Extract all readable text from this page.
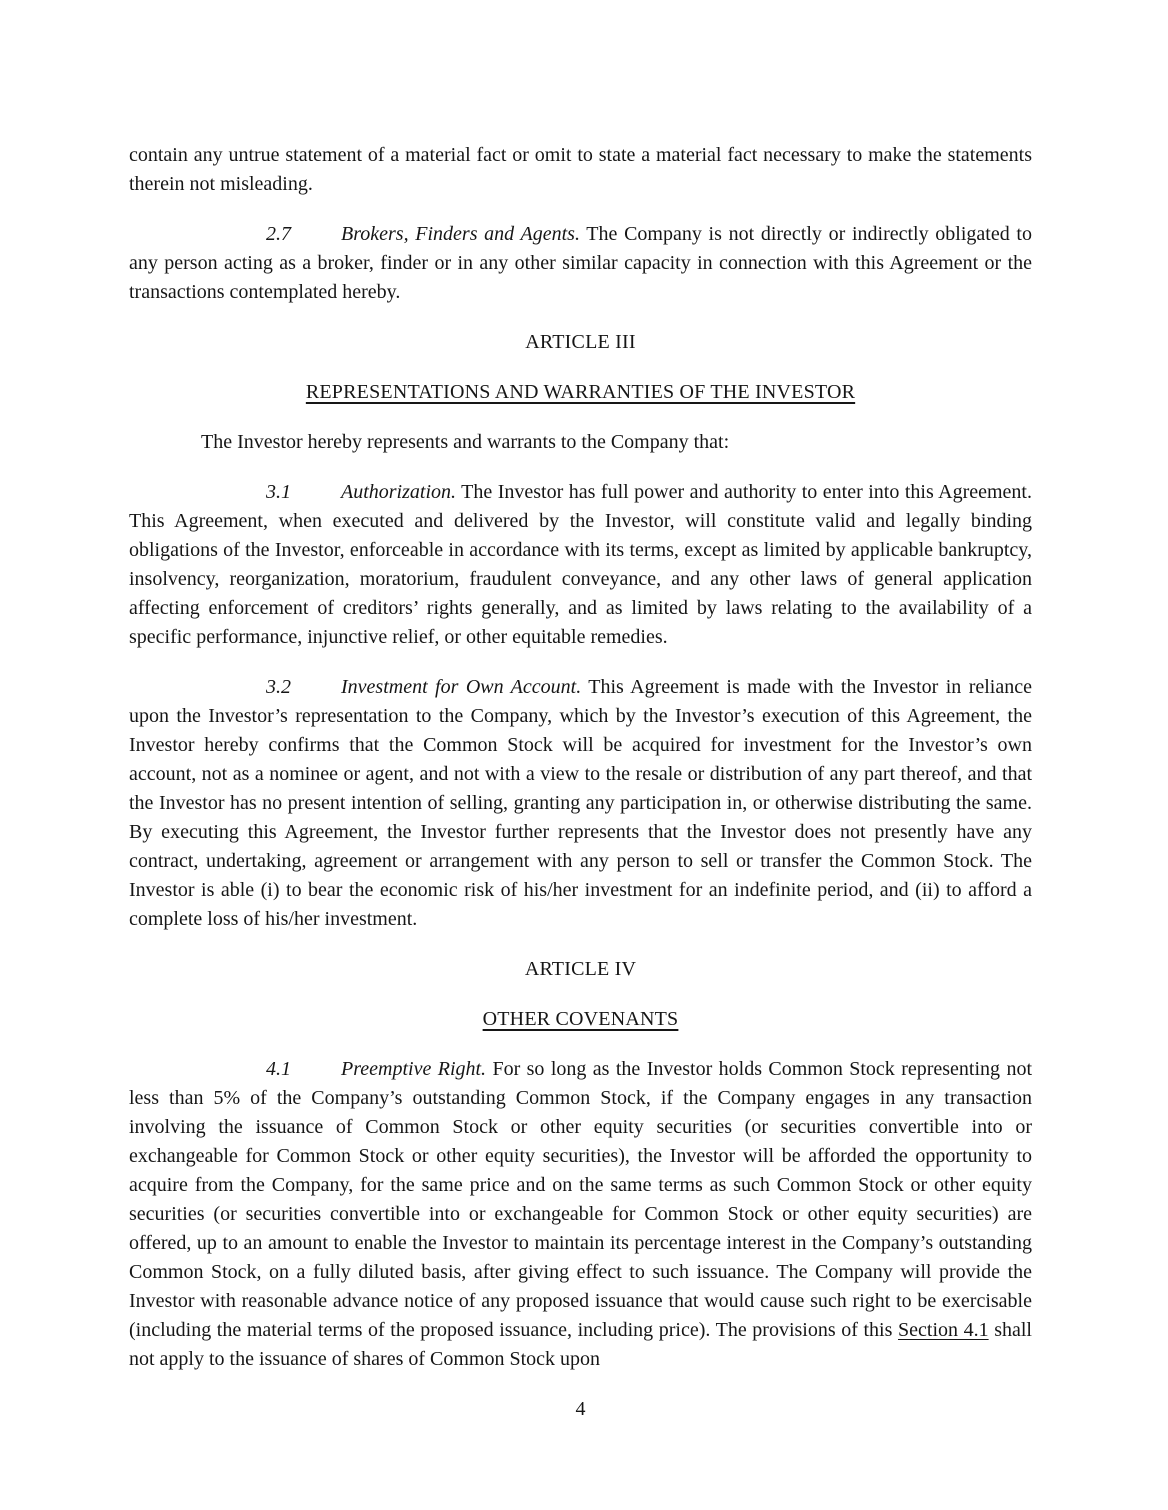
contain any untrue statement of a material fact or omit to state a material fact necessary to make the statements therein not misleading.

2.7	Brokers, Finders and Agents. The Company is not directly or indirectly obligated to any person acting as a broker, finder or in any other similar capacity in connection with this Agreement or the transactions contemplated hereby.

ARTICLE III
REPRESENTATIONS AND WARRANTIES OF THE INVESTOR

The Investor hereby represents and warrants to the Company that:

3.1	Authorization. The Investor has full power and authority to enter into this Agreement. This Agreement, when executed and delivered by the Investor, will constitute valid and legally binding obligations of the Investor, enforceable in accordance with its terms, except as limited by applicable bankruptcy, insolvency, reorganization, moratorium, fraudulent conveyance, and any other laws of general application affecting enforcement of creditors’ rights generally, and as limited by laws relating to the availability of a specific performance, injunctive relief, or other equitable remedies.

3.2	Investment for Own Account. This Agreement is made with the Investor in reliance upon the Investor’s representation to the Company, which by the Investor’s execution of this Agreement, the Investor hereby confirms that the Common Stock will be acquired for investment for the Investor’s own account, not as a nominee or agent, and not with a view to the resale or distribution of any part thereof, and that the Investor has no present intention of selling, granting any participation in, or otherwise distributing the same. By executing this Agreement, the Investor further represents that the Investor does not presently have any contract, undertaking, agreement or arrangement with any person to sell or transfer the Common Stock. The Investor is able (i) to bear the economic risk of his/her investment for an indefinite period, and (ii) to afford a complete loss of his/her investment.

ARTICLE IV
OTHER COVENANTS

4.1	Preemptive Right. For so long as the Investor holds Common Stock representing not less than 5% of the Company’s outstanding Common Stock, if the Company engages in any transaction involving the issuance of Common Stock or other equity securities (or securities convertible into or exchangeable for Common Stock or other equity securities), the Investor will be afforded the opportunity to acquire from the Company, for the same price and on the same terms as such Common Stock or other equity securities (or securities convertible into or exchangeable for Common Stock or other equity securities) are offered, up to an amount to enable the Investor to maintain its percentage interest in the Company’s outstanding Common Stock, on a fully diluted basis, after giving effect to such issuance. The Company will provide the Investor with reasonable advance notice of any proposed issuance that would cause such right to be exercisable (including the material terms of the proposed issuance, including price). The provisions of this Section 4.1 shall not apply to the issuance of shares of Common Stock upon

4
